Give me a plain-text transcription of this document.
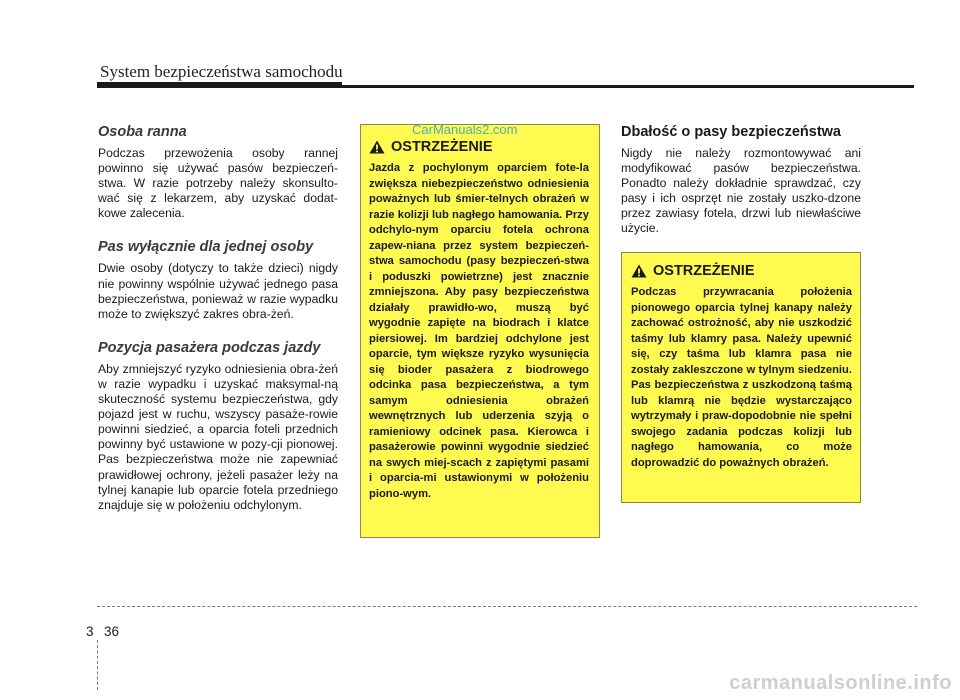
System bezpieczeństwa samochodu
Osoba ranna

Podczas przewożenia osoby rannej powinno się używać pasów bezpieczeń-stwa. W razie potrzeby należy skonsulto-wać się z lekarzem, aby uzyskać dodat-kowe zalecenia.

Pas wyłącznie dla jednej osoby

Dwie osoby (dotyczy to także dzieci) nigdy nie powinny wspólnie używać jednego pasa bezpieczeństwa, ponieważ w razie wypadku może to zwiększyć zakres obra-żeń.

Pozycja pasażera podczas jazdy

Aby zmniejszyć ryzyko odniesienia obra-żeń w razie wypadku i uzyskać maksymal-ną skuteczność systemu bezpieczeństwa, gdy pojazd jest w ruchu, wszyscy pasaże-rowie powinni siedzieć, a oparcia foteli przednich powinny być ustawione w pozy-cji pionowej. Pas bezpieczeństwa może nie zapewniać prawidłowej ochrony, jeżeli pasażer leży na tylnej kanapie lub oparcie fotela przedniego znajduje się w położeniu odchylonym.

OSTRZEŻENIE

Jazda z pochylonym oparciem fote-la zwiększa niebezpieczeństwo odniesienia poważnych lub śmier-telnych obrażeń w razie kolizji lub nagłego hamowania. Przy odchylo-nym oparciu fotela ochrona zapew-niana przez system bezpieczeń-stwa samochodu (pasy bezpieczeń-stwa i poduszki powietrzne) jest znacznie zmniejszona. Aby pasy bezpieczeństwa działały prawidło-wo, muszą być wygodnie zapięte na biodrach i klatce piersiowej. Im bardziej odchylone jest oparcie, tym większe ryzyko wysunięcia się bioder pasażera z biodrowego odcinka pasa bezpieczeństwa, a tym samym odniesienia obrażeń wewnętrznych lub uderzenia szyją o ramieniowy odcinek pasa. Kierowca i pasażerowie powinni wygodnie siedzieć na swych miej-scach z zapiętymi pasami i oparcia-mi ustawionymi w położeniu piono-wym.

CarManuals2.com	Dbałość o pasy bezpieczeństwa

Nigdy nie należy rozmontowywać ani modyfikować pasów bezpieczeństwa. Ponadto należy dokładnie sprawdzać, czy pasy i ich osprzęt nie zostały uszko-dzone przez zawiasy fotela, drzwi lub niewłaściwe użycie.

OSTRZEŻENIE

Podczas przywracania położenia pionowego oparcia tylnej kanapy należy zachować ostrożność, aby nie uszkodzić taśmy lub klamry pasa. Należy upewnić się, czy taśma lub klamra pasa nie zostały zakleszczone w tylnym siedzeniu. Pas bezpieczeństwa z uszkodzoną taśmą lub klamrą nie będzie wystarczająco wytrzymały i praw-dopodobnie nie spełni swojego zadania podczas kolizji lub nagłego hamowania, co może doprowadzić do poważnych obrażeń.

3 36
carmanualsonline.info
